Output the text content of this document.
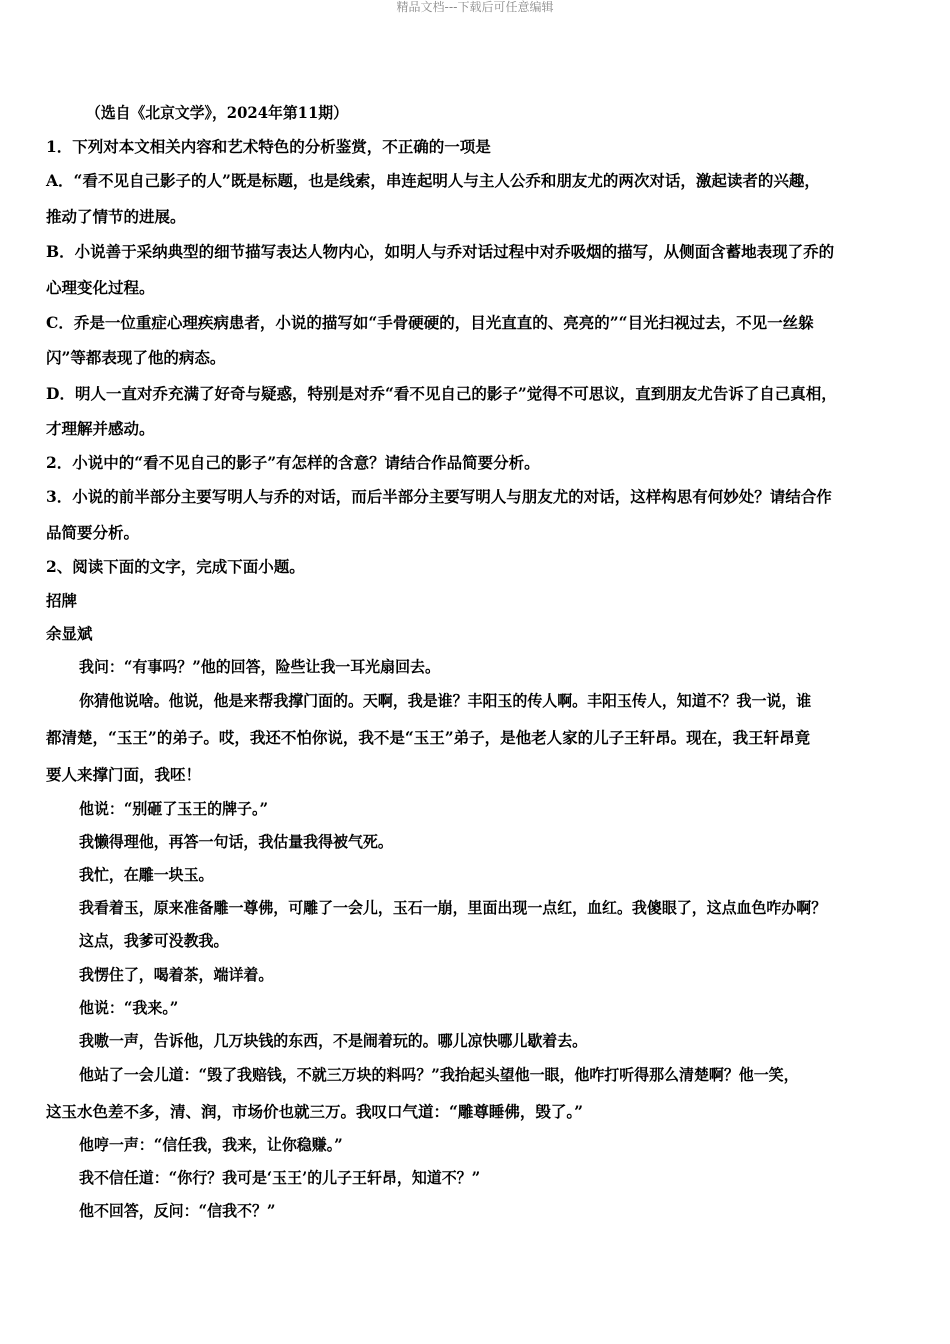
精品文档---下载后可任意编辑
（选自《北京文学》，2024年第11期）
1．下列对本文相关内容和艺术特色的分析鉴赏，不正确的一项是
A．“看不见自己影子的人”既是标题，也是线索，串连起明人与主人公乔和朋友尤的两次对话，激起读者的兴趣，
推动了情节的进展。
B．小说善于采纳典型的细节描写表达人物内心，如明人与乔对话过程中对乔吸烟的描写，从侧面含蓄地表现了乔的
心理变化过程。
C．乔是一位重症心理疾病患者，小说的描写如“手骨硬硬的，目光直直的、亮亮的”“目光扫视过去，不见一丝躲
闪”等都表现了他的病态。
D．明人一直对乔充满了好奇与疑惑，特别是对乔“看不见自己的影子”觉得不可思议，直到朋友尤告诉了自己真相，
才理解并感动。
2．小说中的“看不见自己的影子”有怎样的含意？请结合作品简要分析。
3．小说的前半部分主要写明人与乔的对话，而后半部分主要写明人与朋友尤的对话，这样构思有何妙处？请结合作
品简要分析。
2、阅读下面的文字，完成下面小题。
招牌
余显斌
我问：“有事吗？”他的回答，险些让我一耳光扇回去。
你猜他说啥。他说，他是来帮我撑门面的。天啊，我是谁？丰阳玉的传人啊。丰阳玉传人，知道不？我一说，谁
都清楚，“玉王”的弟子。哎，我还不怕你说，我不是“玉王”弟子，是他老人家的儿子王轩昂。现在，我王轩昂竟
要人来撑门面，我呸！
他说：“别砸了玉王的牌子。”
我懒得理他，再答一句话，我估量我得被气死。
我忙，在雕一块玉。
我看着玉，原来准备雕一尊佛，可雕了一会儿，玉石一崩，里面出现一点红，血红。我傻眼了，这点血色咋办啊？
这点，我爹可没教我。
我愣住了，喝着茶，端详着。
他说：“我来。”
我嗷一声，告诉他，几万块钱的东西，不是闹着玩的。哪儿凉快哪儿歇着去。
他站了一会儿道：“毁了我赔钱，不就三万块的料吗？”我抬起头望他一眼，他咋打听得那么清楚啊？他一笑，
这玉水色差不多，清、润，市场价也就三万。我叹口气道：“雕尊睡佛，毁了。”
他哼一声：“信任我，我来，让你稳赚。”
我不信任道：“你行？我可是‘玉王’的儿子王轩昂，知道不？”
他不回答，反问：“信我不？”
